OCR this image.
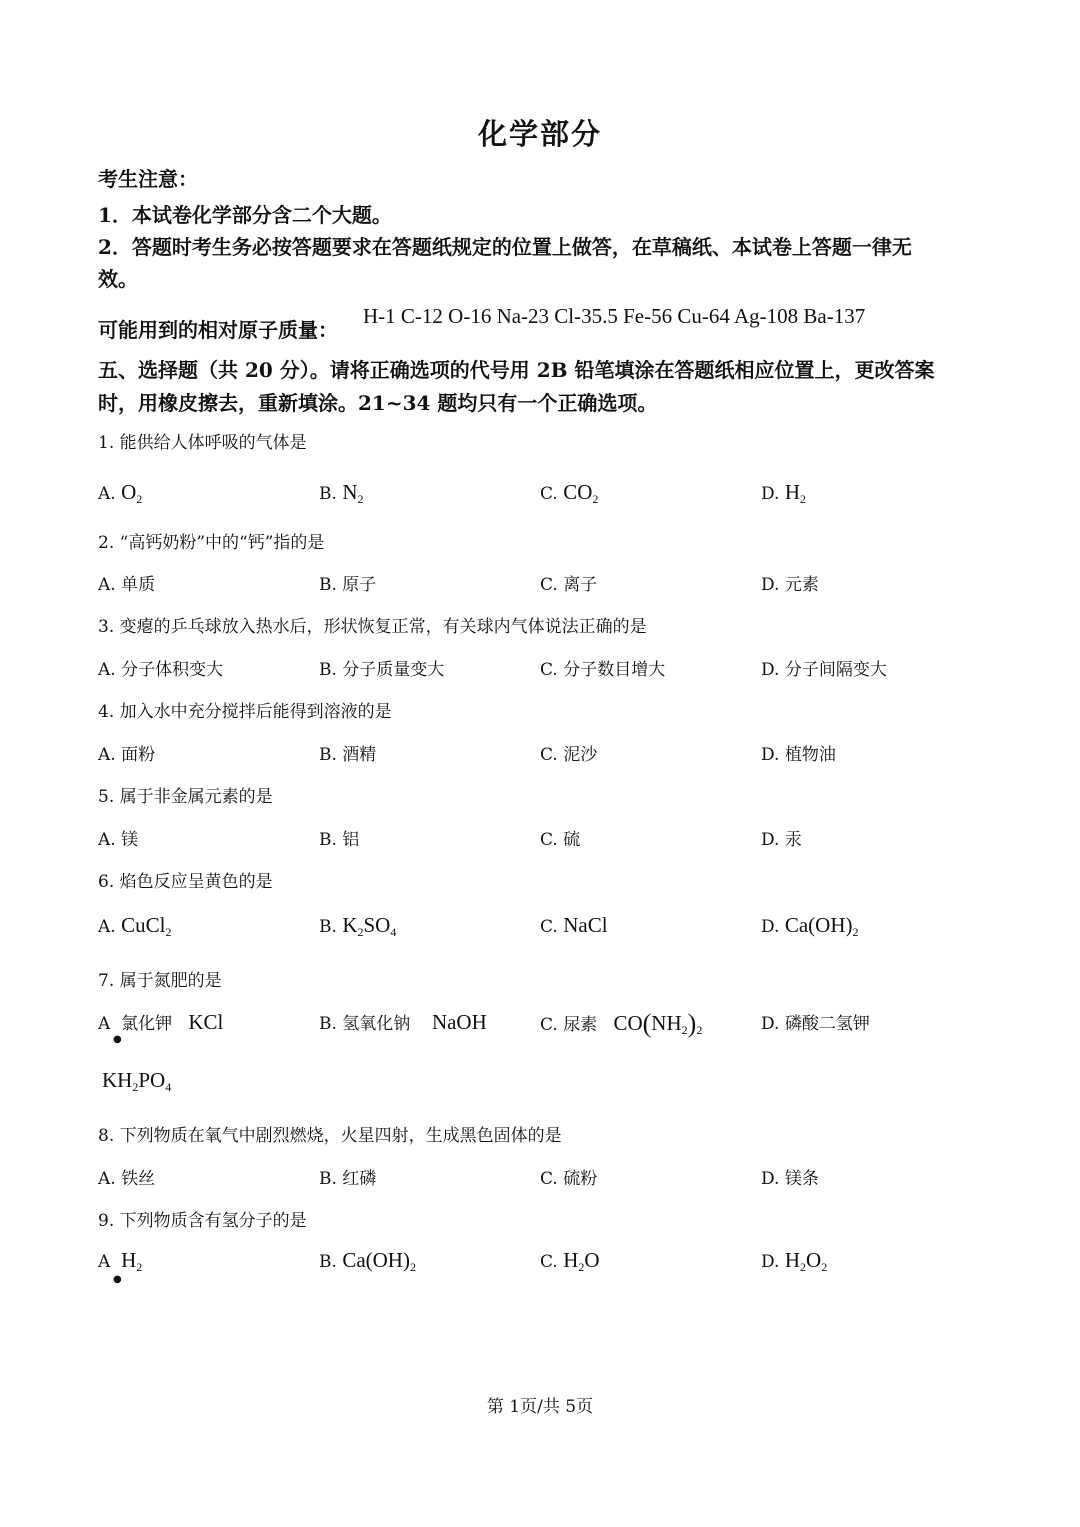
化学部分
考生注意：
1．本试卷化学部分含二个大题。
2．答题时考生务必按答题要求在答题纸规定的位置上做答，在草稿纸、本试卷上答题一律无
效。
可能用到的相对原子质量：
H-1 C-12 O-16 Na-23 Cl-35.5 Fe-56 Cu-64 Ag-108 Ba-137
五、选择题（共 20 分）。请将正确选项的代号用 2B 铅笔填涂在答题纸相应位置上，更改答案
时，用橡皮擦去，重新填涂。21~34 题均只有一个正确选项。
1. 能供给人体呼吸的气体是
A. $O_2$	B. $N_2$	C. $CO_2$	D. $H_2$
2. “高钙奶粉”中的“钙”指的是
A. 单质	B. 原子	C. 离子	D. 元素
3. 变瘪的乒乓球放入热水后，形状恢复正常，有关球内气体说法正确的是
A. 分子体积变大	B. 分子质量变大	C. 分子数目增大	D. 分子间隔变大
4. 加入水中充分搅拌后能得到溶液的是
A. 面粉	B. 酒精	C. 泥沙	D. 植物油
5. 属于非金属元素的是
A. 镁	B. 铝	C. 硫	D. 汞
6. 焰色反应呈黄色的是
A. CuCl$_2$	B. $K_2SO_4$	C. NaCl	D. $Ca(OH)_2$
7. 属于氮肥的是
A 氯化钾 KCl
●
B. 氢氧化钠 NaOH	C. 尿素 $CO(NH_2)_2$	D. 磷酸二氢钾
$KH_2PO_4$
8. 下列物质在氧气中剧烈燃烧，火星四射，生成黑色固体的是
A. 铁丝	B. 红磷	C. 硫粉	D. 镁条
9. 下列物质含有氢分子的是
A $H_2$
●
B. $Ca(OH)_2$	C. $H_2O$	D. $H_2O_2$
第 1页/共 5页
